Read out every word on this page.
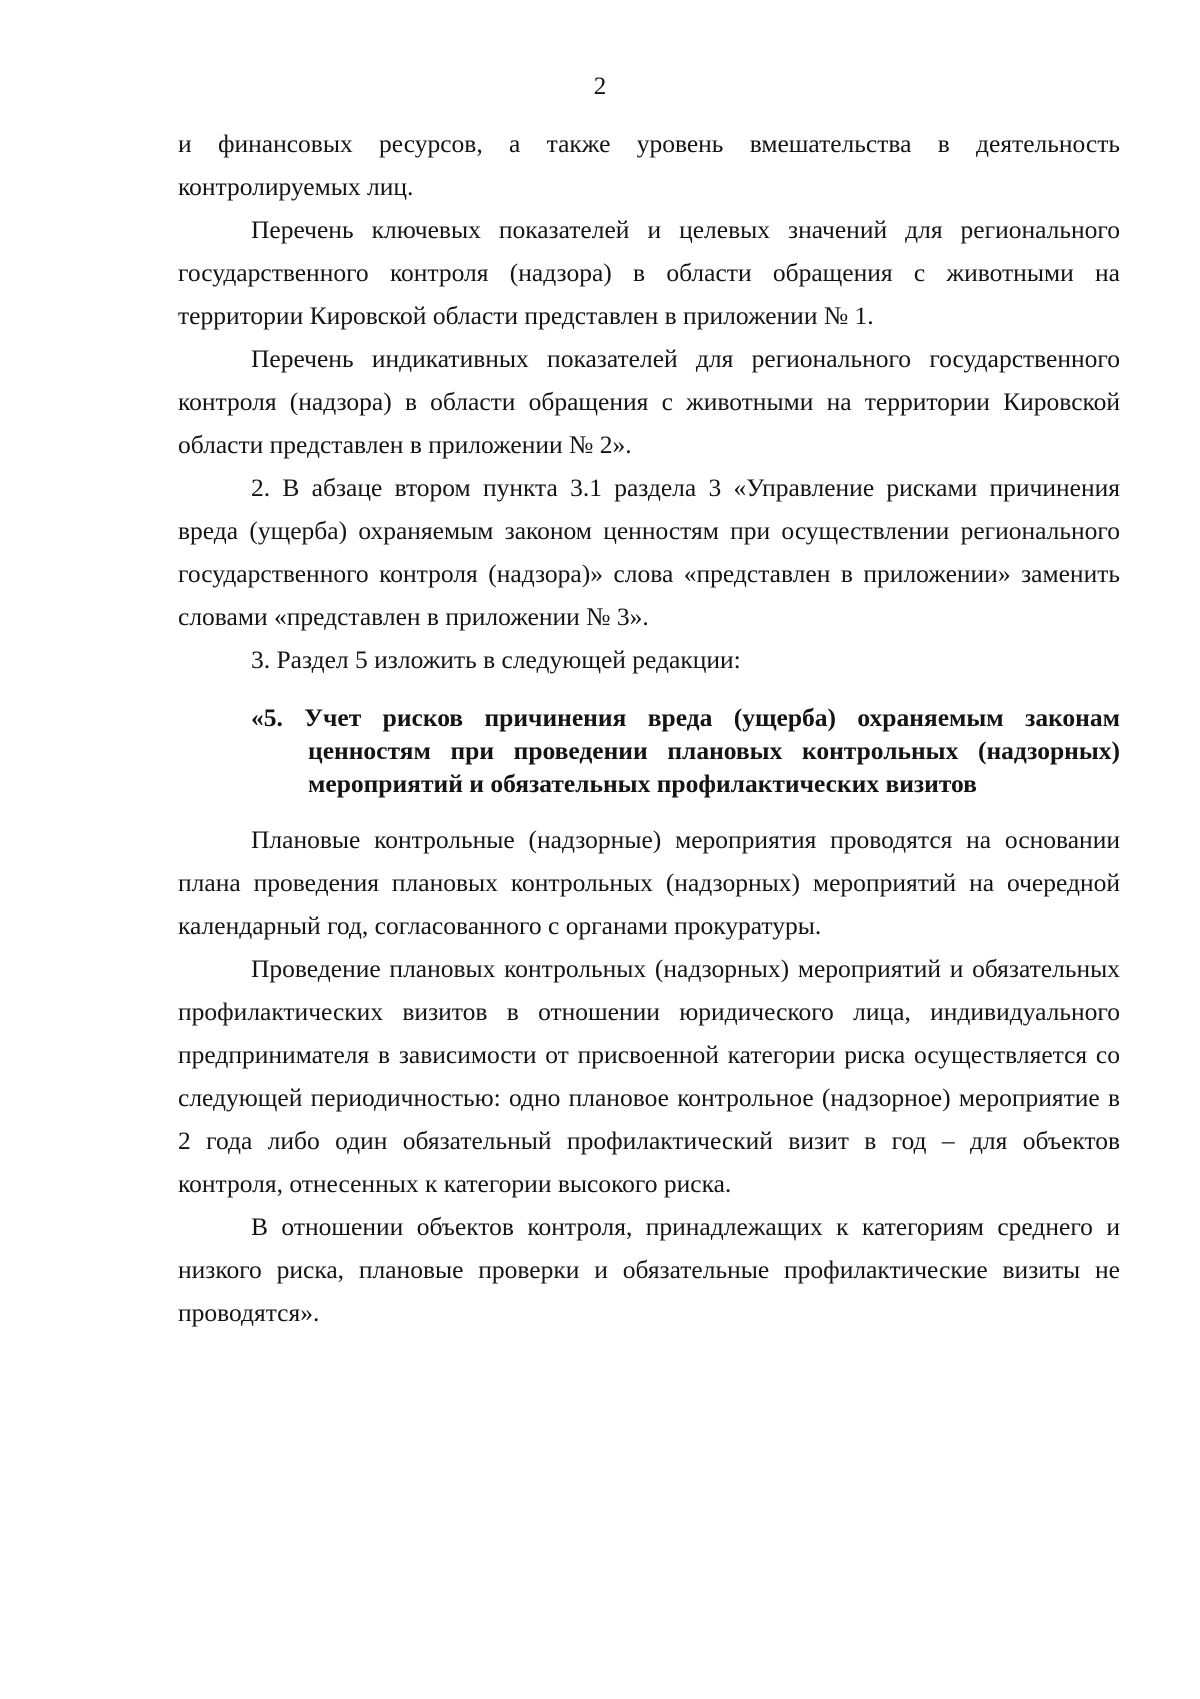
2

и финансовых ресурсов, а также уровень вмешательства в деятельность контролируемых лиц.

Перечень ключевых показателей и целевых значений для регионального государственного контроля (надзора) в области обращения с животными на территории Кировской области представлен в приложении № 1.

Перечень индикативных показателей для регионального государственного контроля (надзора) в области обращения с животными на территории Кировской области представлен в приложении № 2».

2. В абзаце втором пункта 3.1 раздела 3 «Управление рисками причинения вреда (ущерба) охраняемым законом ценностям при осуществлении регионального государственного контроля (надзора)» слова «представлен в приложении» заменить словами «представлен в приложении № 3».

3. Раздел 5 изложить в следующей редакции:

«5. Учет рисков причинения вреда (ущерба) охраняемым законам ценностям при проведении плановых контрольных (надзорных) мероприятий и обязательных профилактических визитов

Плановые контрольные (надзорные) мероприятия проводятся на основании плана проведения плановых контрольных (надзорных) мероприятий на очередной календарный год, согласованного с органами прокуратуры.

Проведение плановых контрольных (надзорных) мероприятий и обязательных профилактических визитов в отношении юридического лица, индивидуального предпринимателя в зависимости от присвоенной категории риска осуществляется со следующей периодичностью: одно плановое контрольное (надзорное) мероприятие в 2 года либо один обязательный профилактический визит в год – для объектов контроля, отнесенных к категории высокого риска.

В отношении объектов контроля, принадлежащих к категориям среднего и низкого риска, плановые проверки и обязательные профилактические визиты не проводятся».
